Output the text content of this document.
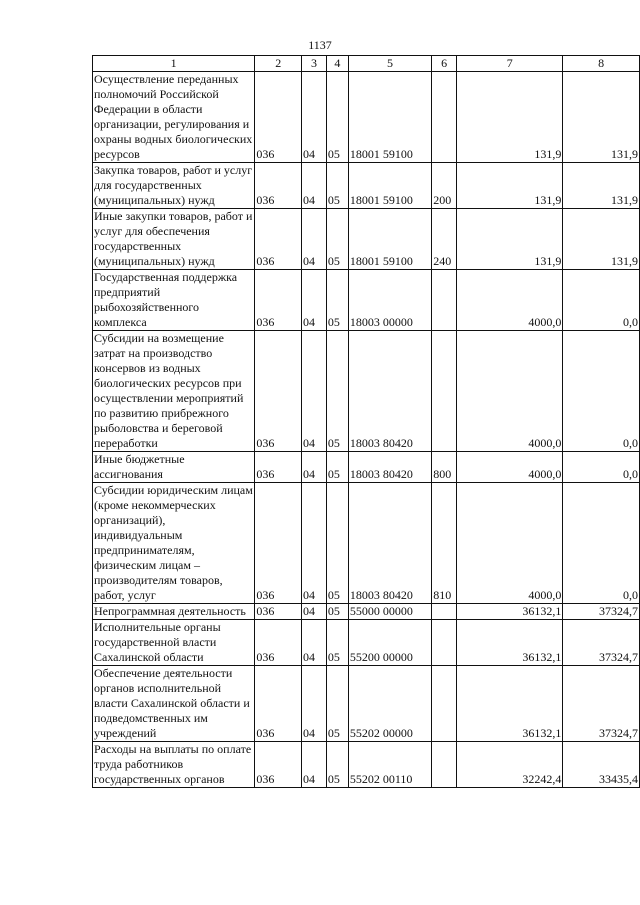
1137
1	2	3	4	5	6	7	8
Осуществление переданных полномочий Российской Федерации в области организации, регулирования и охраны водных биологических ресурсов	036	04	05	18001 59100		131,9	131,9
Закупка товаров, работ и услуг для государственных (муниципальных) нужд	036	04	05	18001 59100	200	131,9	131,9
Иные закупки товаров, работ и услуг для обеспечения государственных (муниципальных) нужд	036	04	05	18001 59100	240	131,9	131,9
Государственная поддержка предприятий рыбохозяйственного комплекса	036	04	05	18003 00000		4000,0	0,0
Субсидии на возмещение затрат на производство консервов из водных биологических ресурсов при осуществлении мероприятий по развитию прибрежного рыболовства и береговой переработки	036	04	05	18003 80420		4000,0	0,0
Иные бюджетные ассигнования	036	04	05	18003 80420	800	4000,0	0,0
Субсидии юридическим лицам (кроме некоммерческих организаций), индивидуальным предпринимателям, физическим лицам – производителям товаров, работ, услуг	036	04	05	18003 80420	810	4000,0	0,0
Непрограммная деятельность	036	04	05	55000 00000		36132,1	37324,7
Исполнительные органы государственной власти Сахалинской области	036	04	05	55200 00000		36132,1	37324,7
Обеспечение деятельности органов исполнительной власти Сахалинской области и подведомственных им учреждений	036	04	05	55202 00000		36132,1	37324,7
Расходы на выплаты по оплате труда работников государственных органов	036	04	05	55202 00110		32242,4	33435,4
